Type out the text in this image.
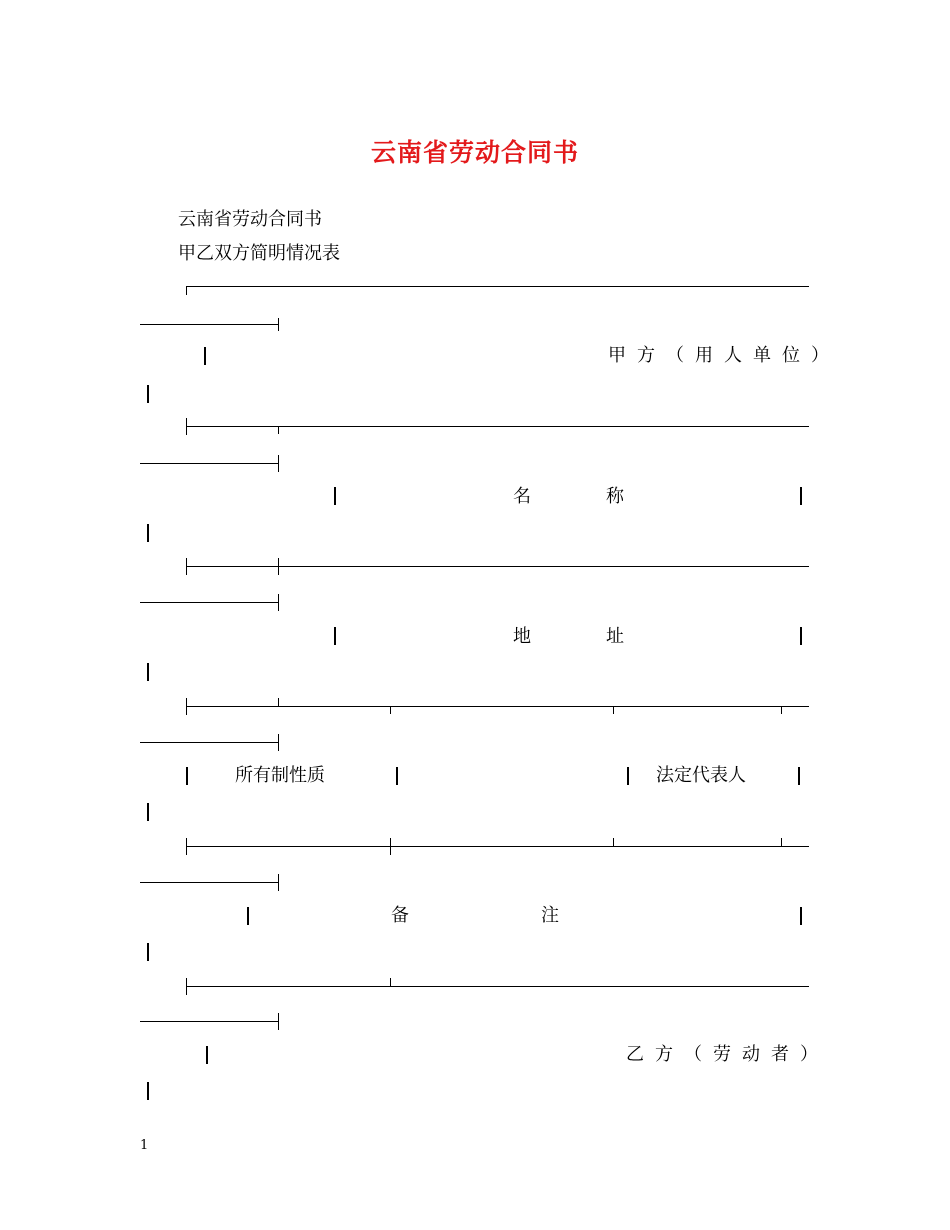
云南省劳动合同书
云南省劳动合同书
甲乙双方简明情况表
甲方（用人单位）
名	称
地	址
所有制性质	法定代表人
备	注
乙方（劳动者）
1
